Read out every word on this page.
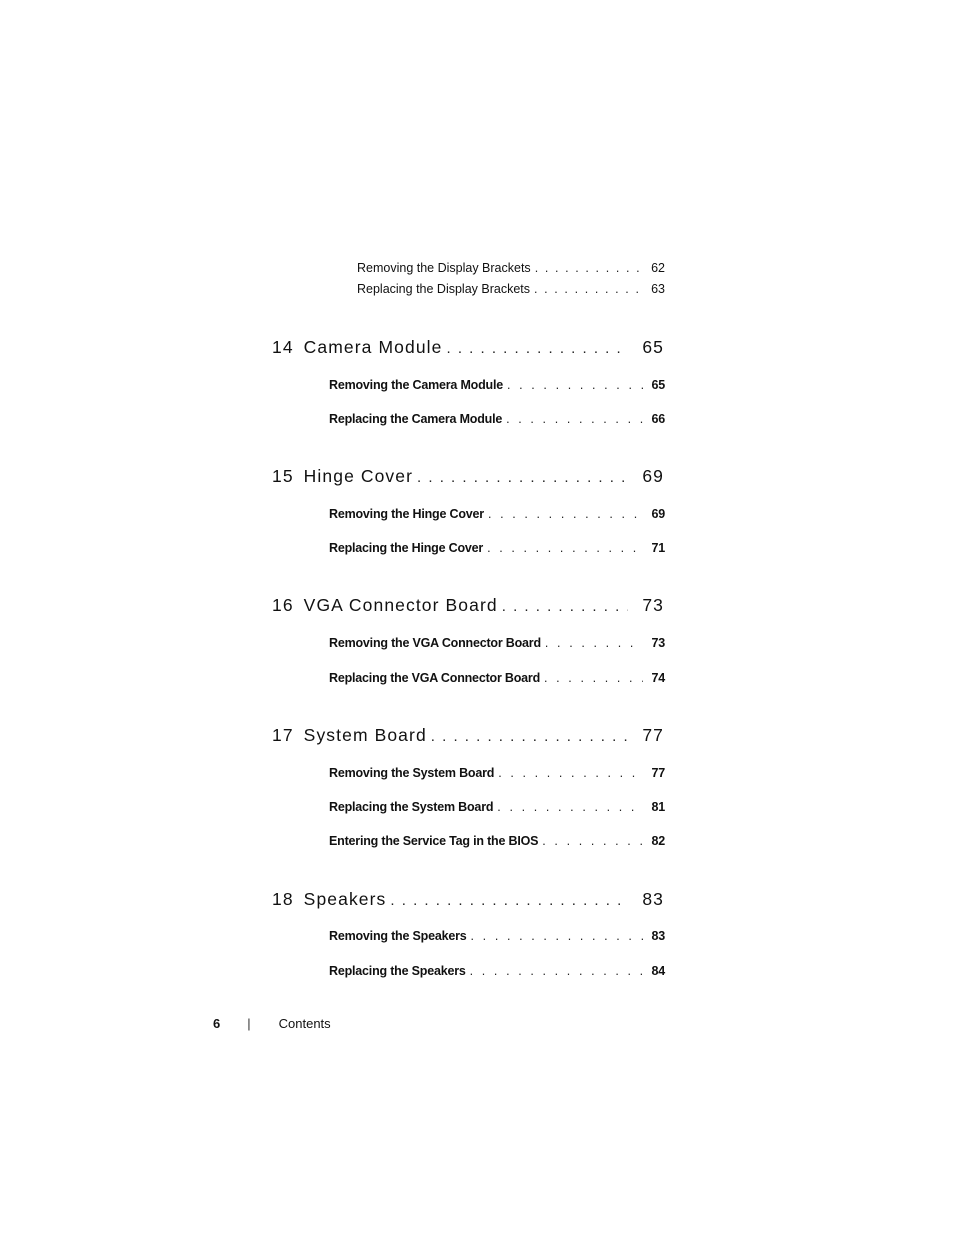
Removing the Display Brackets . . .	62
Replacing the Display Brackets . . .	63
14 Camera Module . . .	65
Removing the Camera Module . . .	65
Replacing the Camera Module . . .	66
15 Hinge Cover . . .	69
Removing the Hinge Cover . . .	69
Replacing the Hinge Cover . . .	71
16 VGA Connector Board . . .	73
Removing the VGA Connector Board . . .	73
Replacing the VGA Connector Board . . .	74
17 System Board . . .	77
Removing the System Board . . .	77
Replacing the System Board . . .	81
Entering the Service Tag in the BIOS . . .	82
18 Speakers . . .	83
Removing the Speakers . . .	83
Replacing the Speakers . . .	84
6 | Contents
